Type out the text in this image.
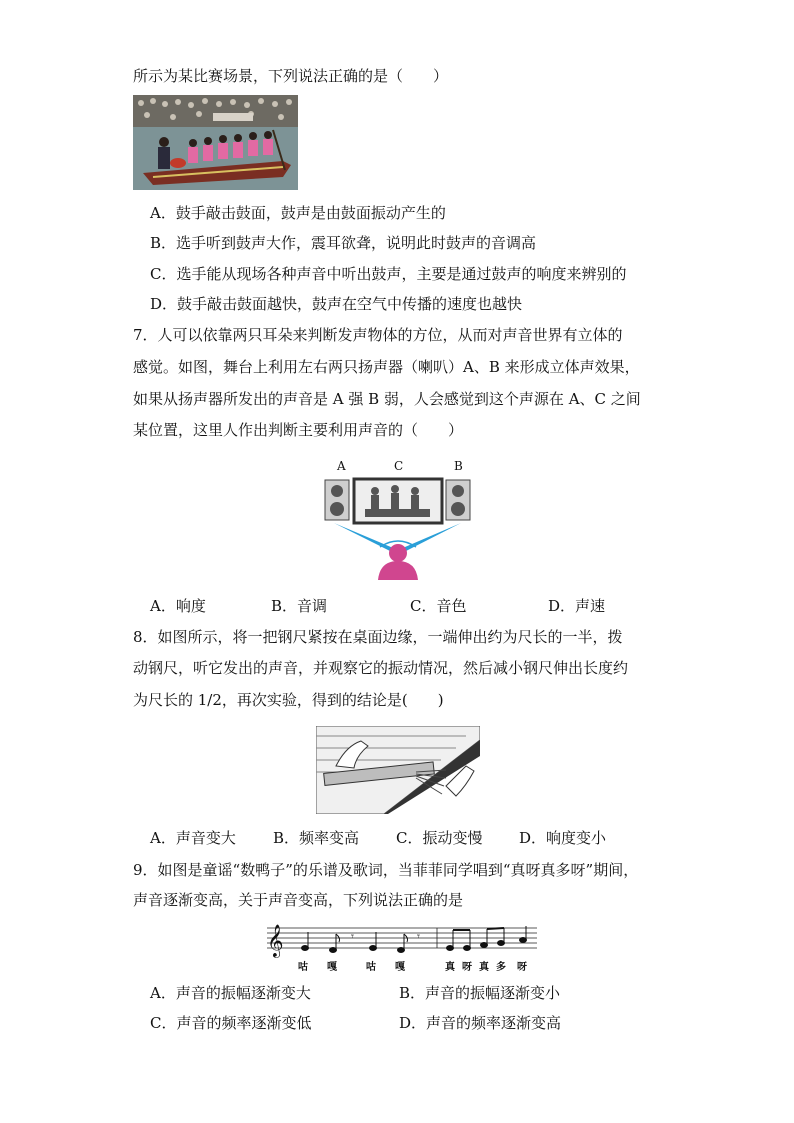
所示为某比赛场景，下列说法正确的是（　　）
A．鼓手敲击鼓面，鼓声是由鼓面振动产生的
B．选手听到鼓声大作，震耳欲聋，说明此时鼓声的音调高
C．选手能从现场各种声音中听出鼓声，主要是通过鼓声的响度来辨别的
D．鼓手敲击鼓面越快，鼓声在空气中传播的速度也越快
7．人可以依靠两只耳朵来判断发声物体的方位，从而对声音世界有立体的
感觉。如图，舞台上利用左右两只扬声器（喇叭）A、B 来形成立体声效果，
如果从扬声器所发出的声音是 A 强 B 弱，人会感觉到这个声源在 A、C 之间
某位置，这里人作出判断主要利用声音的（　　）
A	C	B
A．响度	B．音调	C．音色	D．声速
8．如图所示，将一把钢尺紧按在桌面边缘，一端伸出约为尺长的一半，拨
动钢尺，听它发出的声音，并观察它的振动情况，然后减小钢尺伸出长度约
为尺长的 1/2，再次实验，得到的结论是(　　)
A．声音变大 B．频率变高 C．振动变慢 D．响度变小
9．如图是童谣“数鸭子”的乐谱及歌词，当菲菲同学唱到“真呀真多呀”期间，
声音逐渐变高，关于声音变高，下列说法正确的是
𝄞	𝄾	𝄾
咕 嘎	咕 嘎	真 呀 真 多 呀
A．声音的振幅逐渐变大	B．声音的振幅逐渐变小
C．声音的频率逐渐变低	D．声音的频率逐渐变高
